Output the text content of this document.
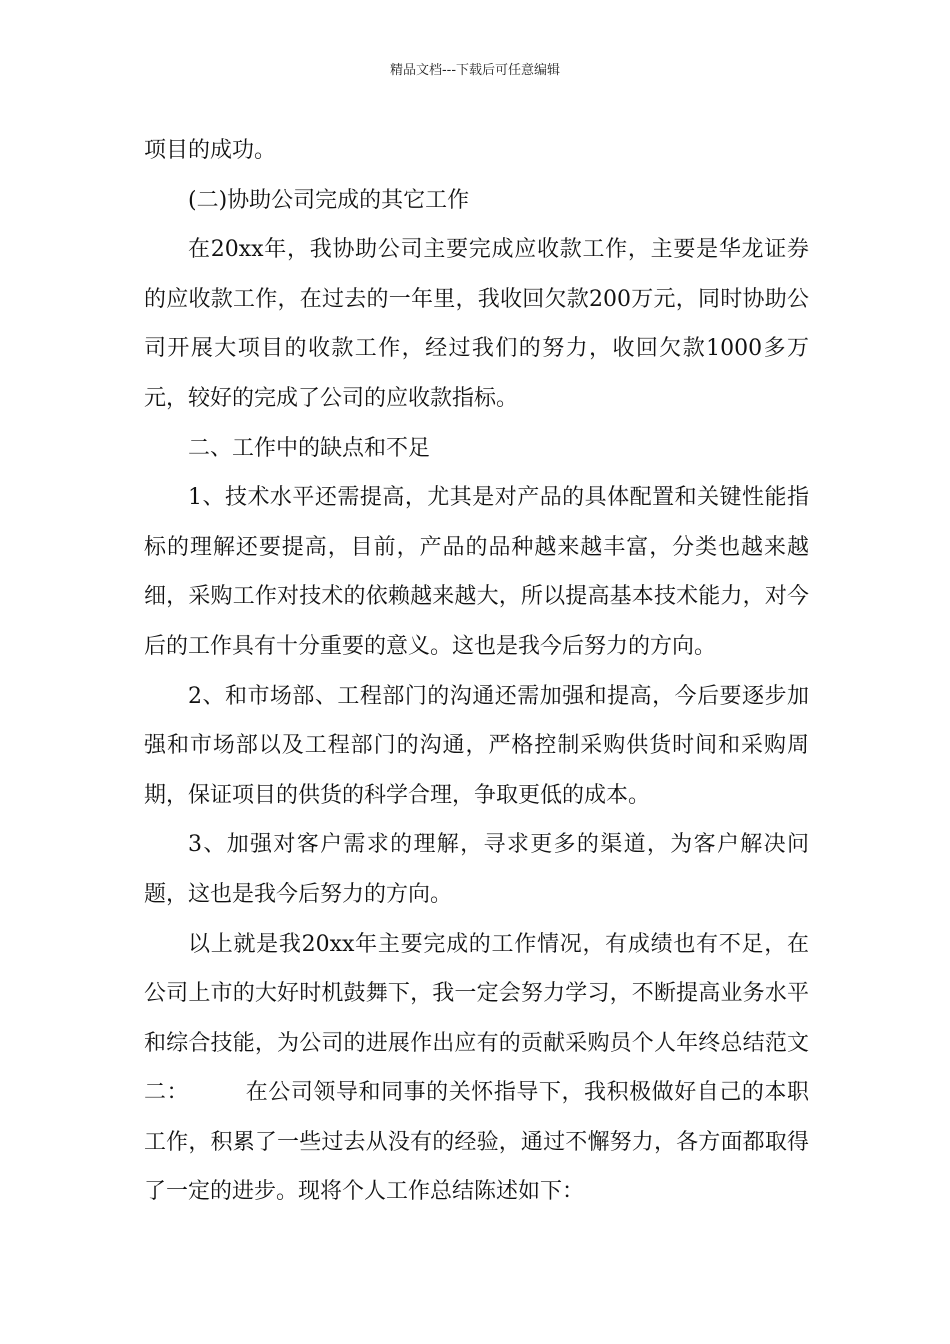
精品文档---下载后可任意编辑

项目的成功。

(二)协助公司完成的其它工作

在20xx年，我协助公司主要完成应收款工作，主要是华龙证券的应收款工作，在过去的一年里，我收回欠款200万元，同时协助公司开展大项目的收款工作，经过我们的努力，收回欠款1000多万元，较好的完成了公司的应收款指标。

二、工作中的缺点和不足

1、技术水平还需提高，尤其是对产品的具体配置和关键性能指标的理解还要提高，目前，产品的品种越来越丰富，分类也越来越细，采购工作对技术的依赖越来越大，所以提高基本技术能力，对今后的工作具有十分重要的意义。这也是我今后努力的方向。

2、和市场部、工程部门的沟通还需加强和提高，今后要逐步加强和市场部以及工程部门的沟通，严格控制采购供货时间和采购周期，保证项目的供货的科学合理，争取更低的成本。

3、加强对客户需求的理解，寻求更多的渠道，为客户解决问题，这也是我今后努力的方向。

以上就是我20xx年主要完成的工作情况，有成绩也有不足，在公司上市的大好时机鼓舞下，我一定会努力学习，不断提高业务水平和综合技能，为公司的进展作出应有的贡献采购员个人年终总结范文二：　　　在公司领导和同事的关怀指导下，我积极做好自己的本职工作，积累了一些过去从没有的经验，通过不懈努力，各方面都取得了一定的进步。现将个人工作总结陈述如下：
